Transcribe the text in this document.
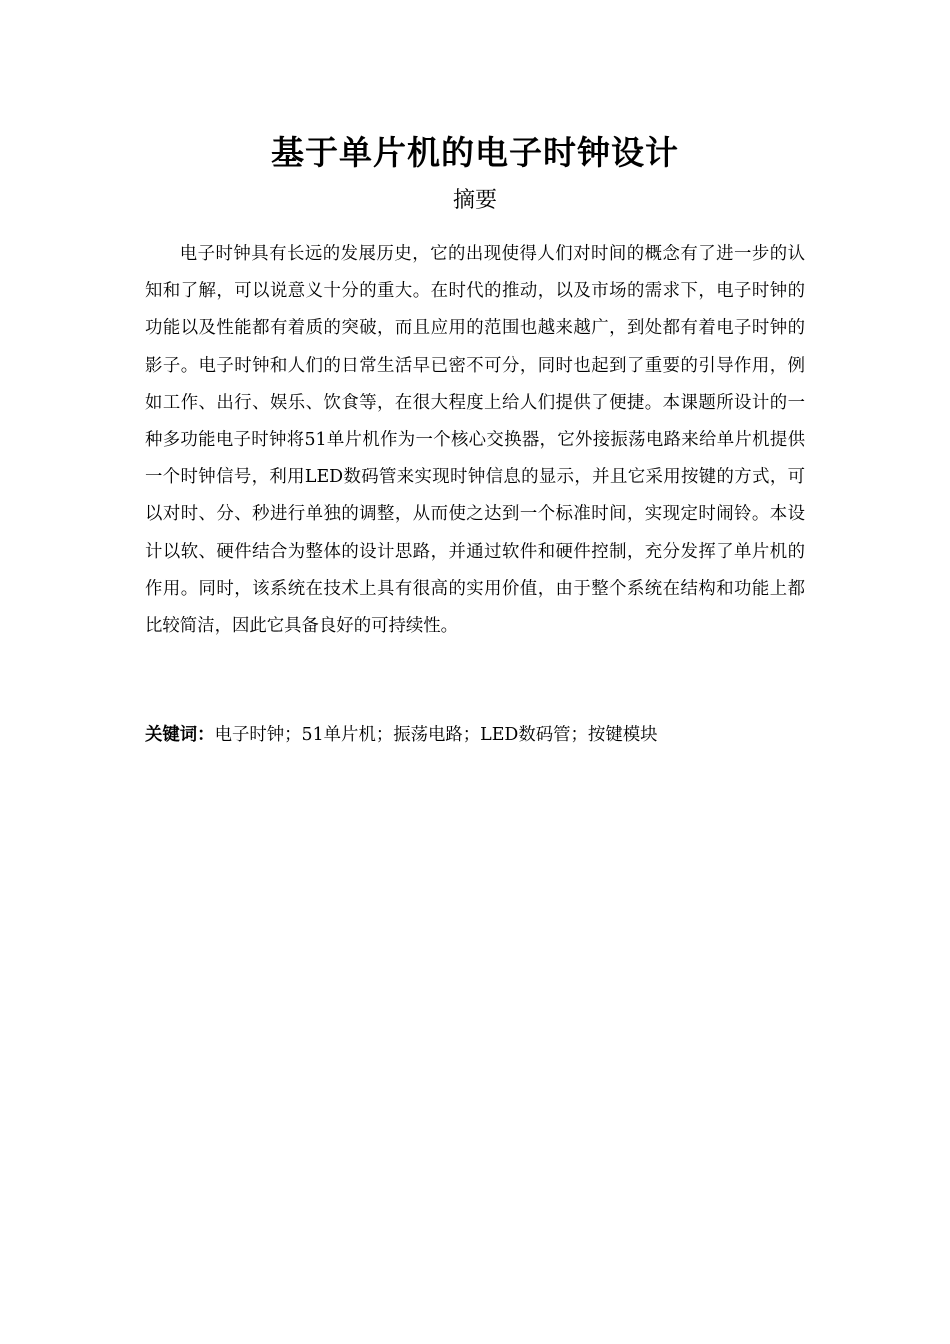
基于单片机的电子时钟设计
摘要

电子时钟具有长远的发展历史，它的出现使得人们对时间的概念有了进一步的认知和了解，可以说意义十分的重大。在时代的推动，以及市场的需求下，电子时钟的功能以及性能都有着质的突破，而且应用的范围也越来越广，到处都有着电子时钟的影子。电子时钟和人们的日常生活早已密不可分，同时也起到了重要的引导作用，例如工作、出行、娱乐、饮食等，在很大程度上给人们提供了便捷。本课题所设计的一种多功能电子时钟将51单片机作为一个核心交换器，它外接振荡电路来给单片机提供一个时钟信号，利用LED数码管来实现时钟信息的显示，并且它采用按键的方式，可以对时、分、秒进行单独的调整，从而使之达到一个标准时间，实现定时闹铃。本设计以软、硬件结合为整体的设计思路，并通过软件和硬件控制，充分发挥了单片机的作用。同时，该系统在技术上具有很高的实用价值，由于整个系统在结构和功能上都比较简洁，因此它具备良好的可持续性。

关键词：电子时钟；51单片机；振荡电路；LED数码管；按键模块
